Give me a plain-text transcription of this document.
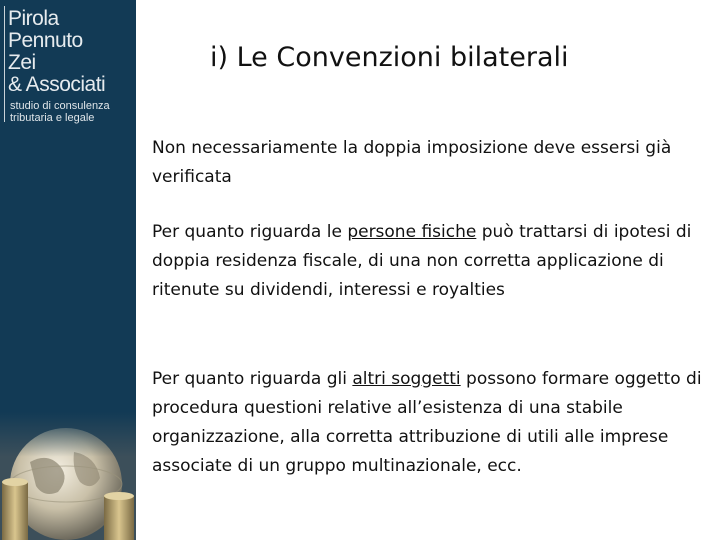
Pirola
Pennuto
Zei
& Associati
studio di consulenza
tributaria e legale
i) Le Convenzioni bilaterali
Non necessariamente la doppia imposizione deve essersi già verificata
Per quanto riguarda le persone fisiche può trattarsi di ipotesi di doppia residenza fiscale, di una non corretta applicazione di ritenute su dividendi, interessi e royalties
Per quanto riguarda gli altri soggetti possono formare oggetto di procedura questioni relative all’esistenza di una stabile organizzazione, alla corretta attribuzione di utili alle imprese associate di un gruppo multinazionale, ecc.
